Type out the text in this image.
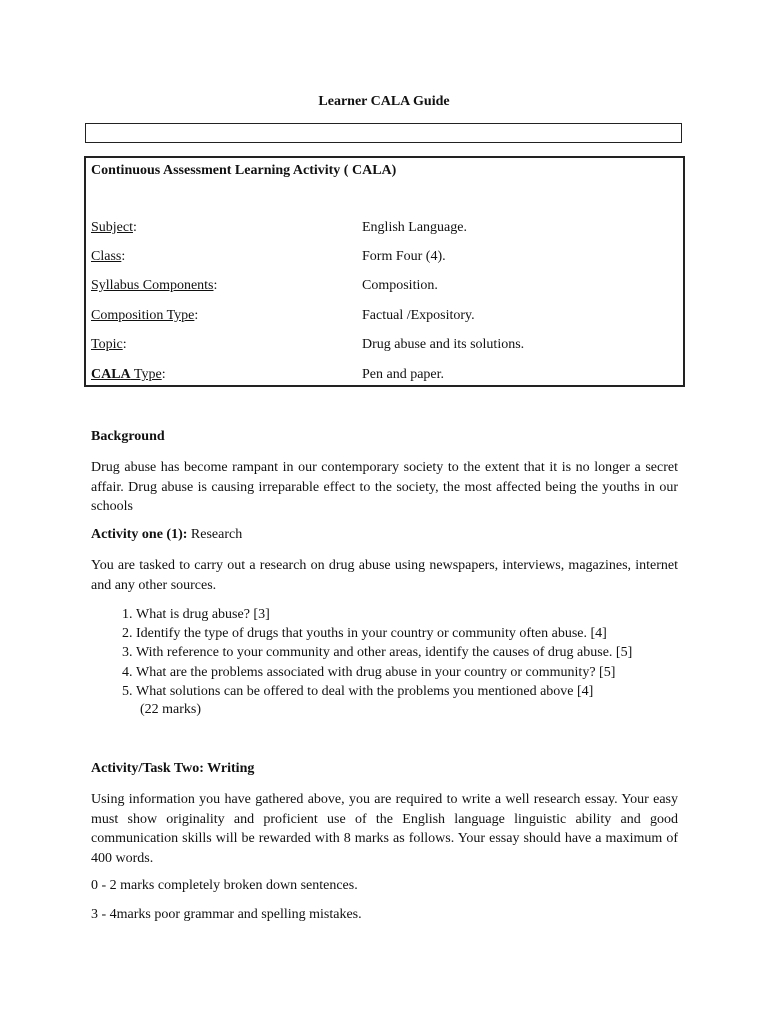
Learner CALA Guide
Continuous Assessment Learning Activity ( CALA)
Subject:	English Language.
Class:	Form Four (4).
Syllabus Components:	Composition.
Composition Type:	Factual /Expository.
Topic:	Drug abuse and its solutions.
CALA Type:	Pen and paper.
Background

Drug abuse has become rampant in our contemporary society to the extent that it is no longer a secret affair. Drug abuse is causing irreparable effect to the society, the most affected being the youths in our schools

Activity one (1): Research

You are tasked to carry out a research on drug abuse using newspapers, interviews, magazines, internet and any other sources.

1. What is drug abuse? [3]
2. Identify the type of drugs that youths in your country or community often abuse. [4]
3. With reference to your community and other areas, identify the causes of drug abuse. [5]
4. What are the problems associated with drug abuse in your country or community? [5]
5. What solutions can be offered to deal with the problems you mentioned above [4]
(22 marks)
Activity/Task Two: Writing

Using information you have gathered above, you are required to write a well research essay. Your easy must show originality and proficient use of the English language linguistic ability and good communication skills will be rewarded with 8 marks as follows. Your essay should have a maximum of 400 words.

0 - 2 marks completely broken down sentences.
3 - 4marks poor grammar and spelling mistakes.
